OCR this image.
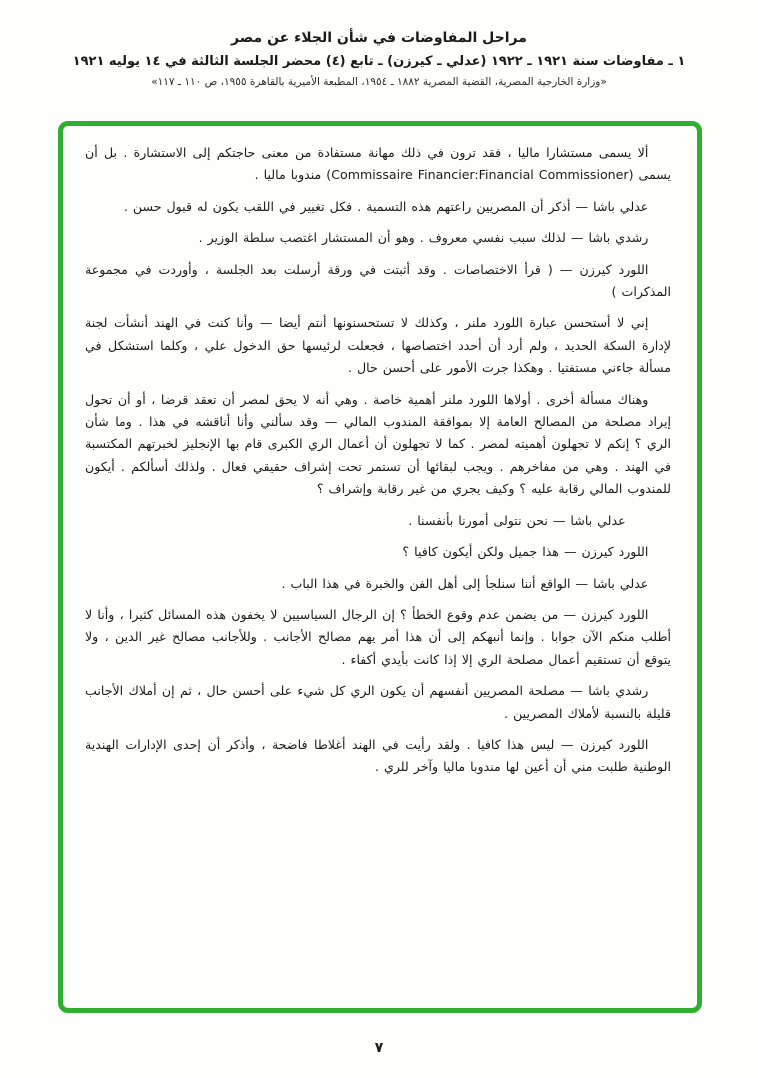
مراحل المفاوضات في شأن الجلاء عن مصر
١ ـ مفاوضات سنة ١٩٢١ ـ ١٩٢٢ (عدلي ـ كيرزن) ـ تابع (٤) محضر الجلسة الثالثة في ١٤ يوليه ١٩٢١
«وزارة الخارجية المصرية، القضية المصرية ١٨٨٢ ـ ١٩٥٤، المطبعة الأميرية بالقاهرة ١٩٥٥، ص ١١٠ ـ ١١٧»

ألا يسمى مستشارا ماليا ، فقد ترون في ذلك مهانة مستفادة من معنى حاجتكم إلى الاستشارة . بل أن يسمى (Commissaire Financier:Financial Commissioner) مندوبا ماليا .

عدلي باشا — أذكر أن المصريين راعتهم هذه التسمية . فكل تغيير في اللقب يكون له قبول حسن .

رشدي باشا — لذلك سبب نفسي معروف . وهو أن المستشار اغتصب سلطة الوزير .

اللورد كيرزن — ( قرأ الاختصاصات . وقد أثبتت في ورقة أرسلت بعد الجلسة ، وأوردت في مجموعة المذكرات )

إني لا أستحسن عبارة اللورد ملنر ، وكذلك لا تستحسنونها أنتم أيضا — وأنا كنت في الهند أنشأت لجنة لإدارة السكة الحديد ، ولم أرد أن أحدد اختصاصها ، فجعلت لرئيسها حق الدخول علي ، وكلما استشكل في مسألة جاءني مستفتيا . وهكذا جرت الأمور على أحسن حال .

وهناك مسألة أخرى . أولاها اللورد ملنر أهمية خاصة . وهي أنه لا يحق لمصر أن تعقد قرضا ، أو أن تحول إيراد مصلحة من المصالح العامة إلا بموافقة المندوب المالي — وقد سألني وأنا أناقشه في هذا . وما شأن الري ؟ إنكم لا تجهلون أهميته لمصر . كما لا تجهلون أن أعمال الري الكبرى قام بها الإنجليز لخبرتهم المكتسبة في الهند . وهي من مفاخرهم . ويجب لبقائها أن تستمر تحت إشراف حقيقي فعال . ولذلك أسألكم . أيكون للمندوب المالي رقابة عليه ؟ وكيف يجري من غير رقابة وإشراف ؟

عدلي باشا — نحن نتولى أمورنا بأنفسنا .

اللورد كيرزن — هذا جميل ولكن أيكون كافيا ؟

عدلي باشا — الواقع أننا سنلجأ إلى أهل الفن والخبرة في هذا الباب .

اللورد كيرزن — من يضمن عدم وقوع الخطأ ؟ إن الرجال السياسيين لا يخفون هذه المسائل كثيرا ، وأنا لا أطلب منكم الآن جوابا . وإنما أنبهكم إلى أن هذا أمر يهم مصالح الأجانب . وللأجانب مصالح غير الدين ، ولا يتوقع أن تستقيم أعمال مصلحة الري إلا إذا كانت بأيدي أكفاء .

رشدي باشا — مصلحة المصريين أنفسهم أن يكون الري كل شيء على أحسن حال ، ثم إن أملاك الأجانب قليلة بالنسبة لأملاك المصريين .

اللورد كيرزن — ليس هذا كافيا . ولقد رأيت في الهند أغلاطا فاضحة ، وأذكر أن إحدى الإدارات الهندية الوطنية طلبت مني أن أعين لها مندوبا ماليا وآخر للري .

٧
